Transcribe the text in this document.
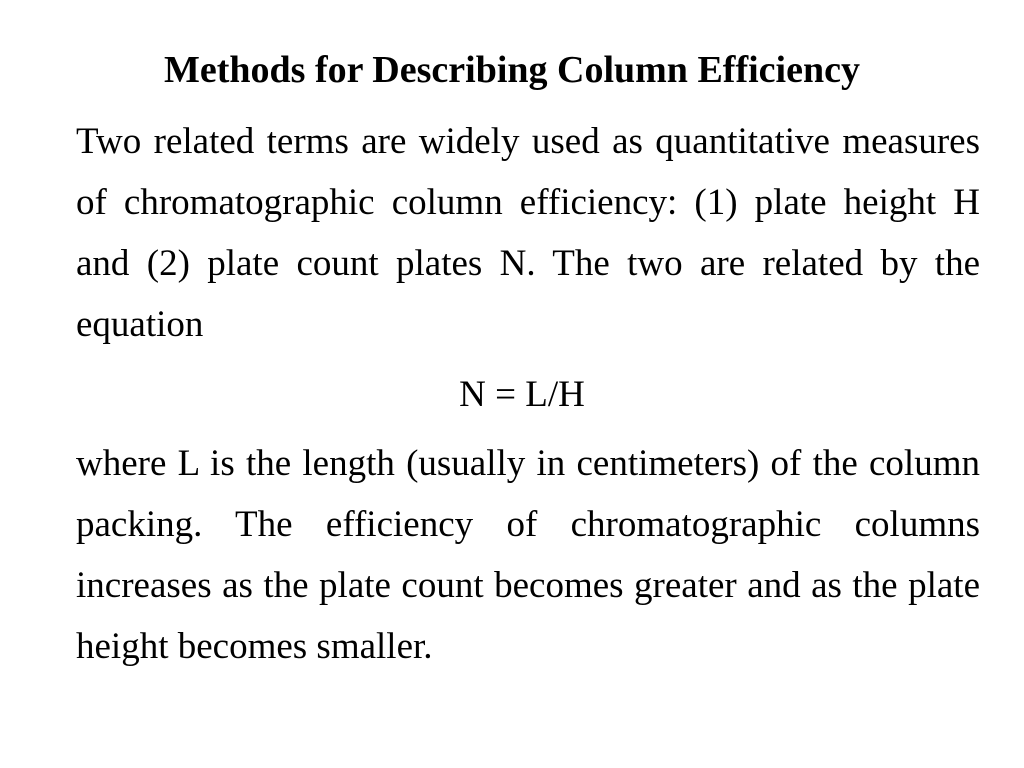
Methods for Describing Column Efficiency

Two related terms are widely used as quantitative measures of chromatographic column efficiency: (1) plate height H and (2) plate count plates N. The two are related by the equation

N = L/H

where L is the length (usually in centimeters) of the column packing. The efficiency of chromatographic columns increases as the plate count becomes greater and as the plate height becomes smaller.
